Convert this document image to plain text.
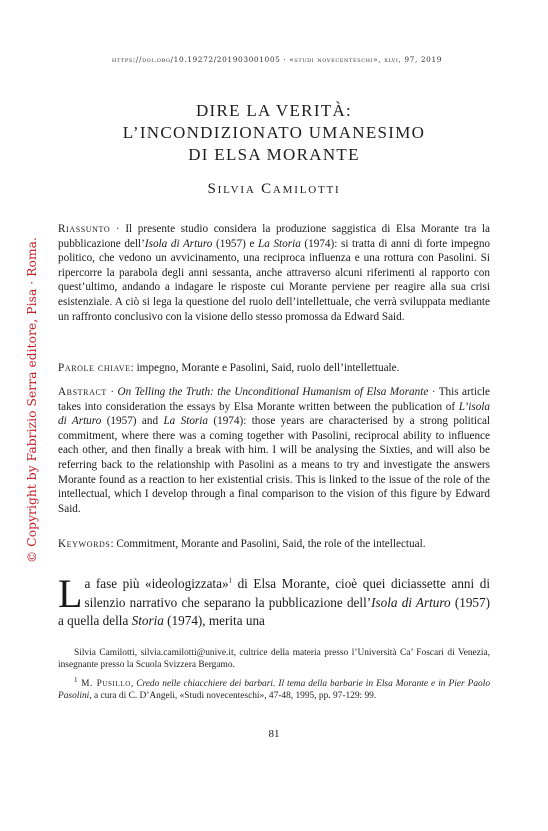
https://doi.org/10.19272/201903001005 · «studi novecenteschi», xlvi, 97, 2019
© Copyright by Fabrizio Serra editore, Pisa · Roma.
DIRE LA VERITÀ:
L’INCONDIZIONATO UMANESIMO
DI ELSA MORANTE
Silvia Camilotti
Riassunto · Il presente studio considera la produzione saggistica di Elsa Morante tra la pubblicazione dell’Isola di Arturo (1957) e La Storia (1974): si tratta di anni di forte impegno politico, che vedono un avvicinamento, una reciproca influenza e una rottura con Pasolini. Si ripercorre la parabola degli anni sessanta, anche attraverso alcuni riferimenti al rapporto con quest’ultimo, andando a indagare le risposte cui Morante perviene per reagire alla sua crisi esistenziale. A ciò si lega la questione del ruolo dell’intellettuale, che verrà sviluppata mediante un raffronto conclusivo con la visione dello stesso promossa da Edward Said.
Parole chiave: impegno, Morante e Pasolini, Said, ruolo dell’intellettuale.
Abstract · On Telling the Truth: the Unconditional Humanism of Elsa Morante · This article takes into consideration the essays by Elsa Morante written between the publication of L’isola di Arturo (1957) and La Storia (1974): those years are characterised by a strong political commitment, where there was a coming together with Pasolini, reciprocal ability to influence each other, and then finally a break with him. I will be analysing the Sixties, and will also be referring back to the relationship with Pasolini as a means to try and investigate the answers Morante found as a reaction to her existential crisis. This is linked to the issue of the role of the intellectual, which I develop through a final comparison to the vision of this figure by Edward Said.
Keywords: Commitment, Morante and Pasolini, Said, the role of the intellectual.
La fase più «ideologizzata»$^1$ di Elsa Morante, cioè quei diciassette anni di silenzio narrativo che separano la pubblicazione dell’Isola di Arturo (1957) a quella della Storia (1974), merita una
Silvia Camilotti, silvia.camilotti@unive.it, cultrice della materia presso l’Università Ca’ Foscari di Venezia, insegnante presso la Scuola Svizzera Bergamo.
$^1$ M. Pusillo, Credo nelle chiacchiere dei barbari. Il tema della barbarie in Elsa Morante e in Pier Paolo Pasolini, a cura di C. D’Angeli, «Studi novecenteschi», 47-48, 1995, pp. 97-129: 99.
81
